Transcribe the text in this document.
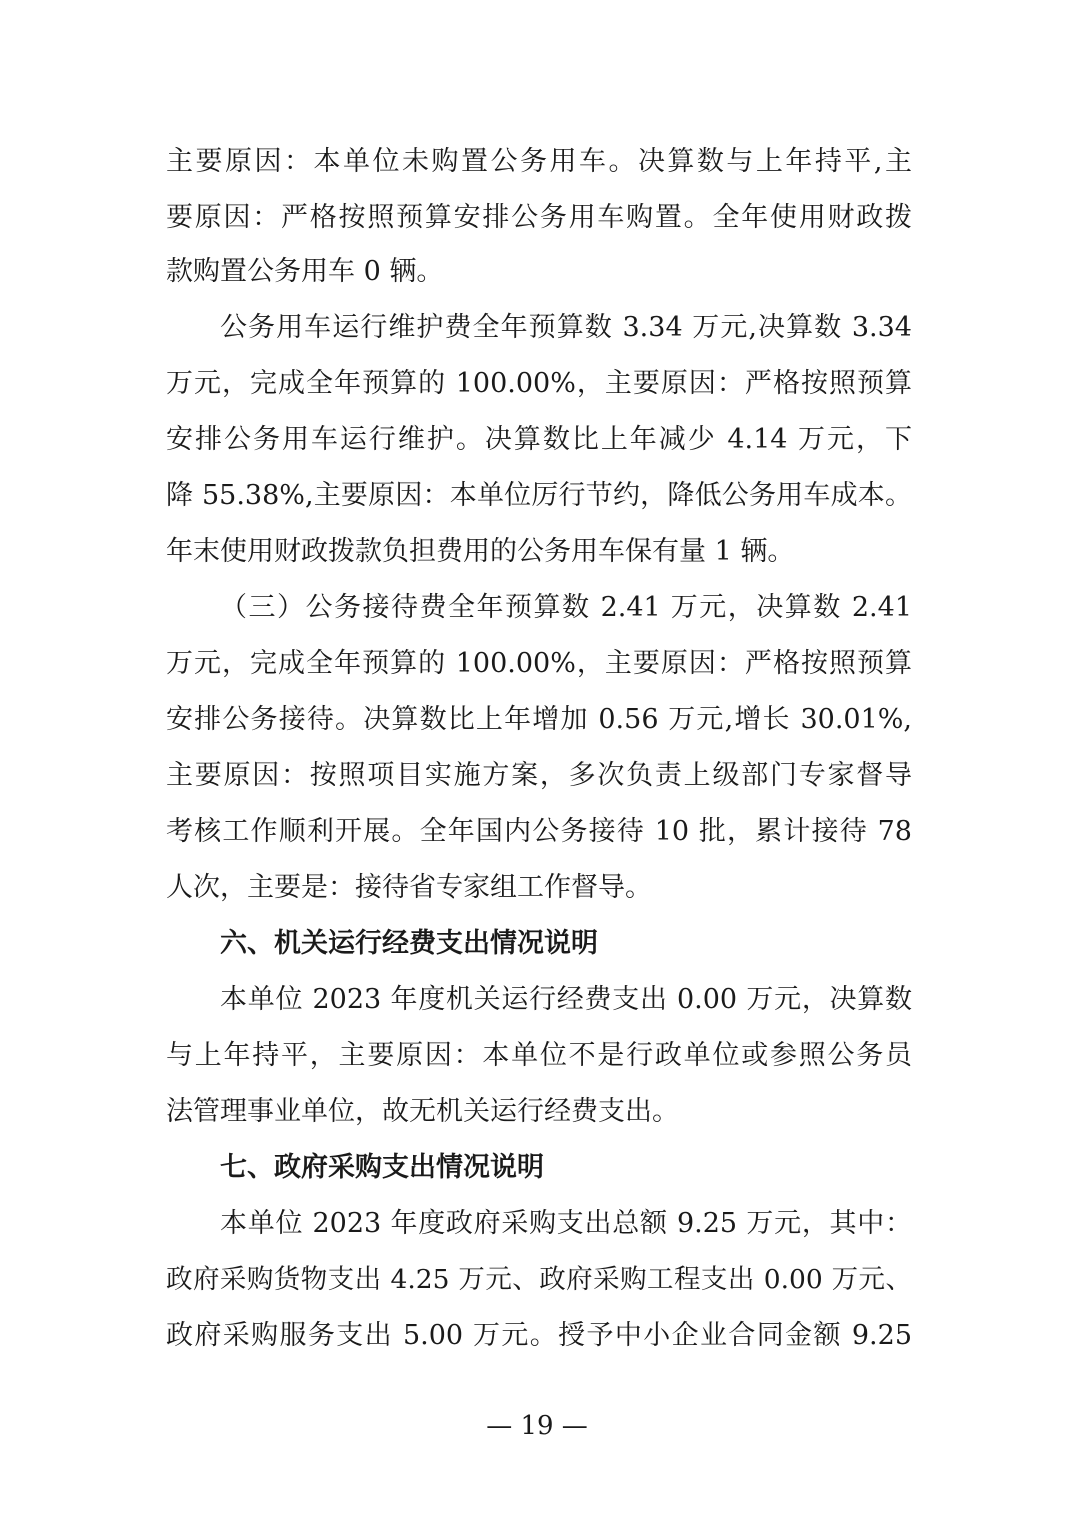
主要原因：本单位未购置公务用车。决算数与上年持平,主
要原因：严格按照预算安排公务用车购置。全年使用财政拨
款购置公务用车 0 辆。
公务用车运行维护费全年预算数 3.34 万元,决算数 3.34
万元，完成全年预算的 100.00%，主要原因：严格按照预算
安排公务用车运行维护。决算数比上年减少 4.14 万元，下
降 55.38%,主要原因：本单位厉行节约，降低公务用车成本。
年末使用财政拨款负担费用的公务用车保有量 1 辆。
（三）公务接待费全年预算数 2.41 万元，决算数 2.41
万元，完成全年预算的 100.00%，主要原因：严格按照预算
安排公务接待。决算数比上年增加 0.56 万元,增长 30.01%,
主要原因：按照项目实施方案，多次负责上级部门专家督导
考核工作顺利开展。全年国内公务接待 10 批，累计接待 78
人次，主要是：接待省专家组工作督导。
六、机关运行经费支出情况说明
本单位 2023 年度机关运行经费支出 0.00 万元，决算数
与上年持平，主要原因：本单位不是行政单位或参照公务员
法管理事业单位，故无机关运行经费支出。
七、政府采购支出情况说明
本单位 2023 年度政府采购支出总额 9.25 万元，其中：
政府采购货物支出 4.25 万元、政府采购工程支出 0.00 万元、
政府采购服务支出 5.00 万元。授予中小企业合同金额 9.25
— 19 —
